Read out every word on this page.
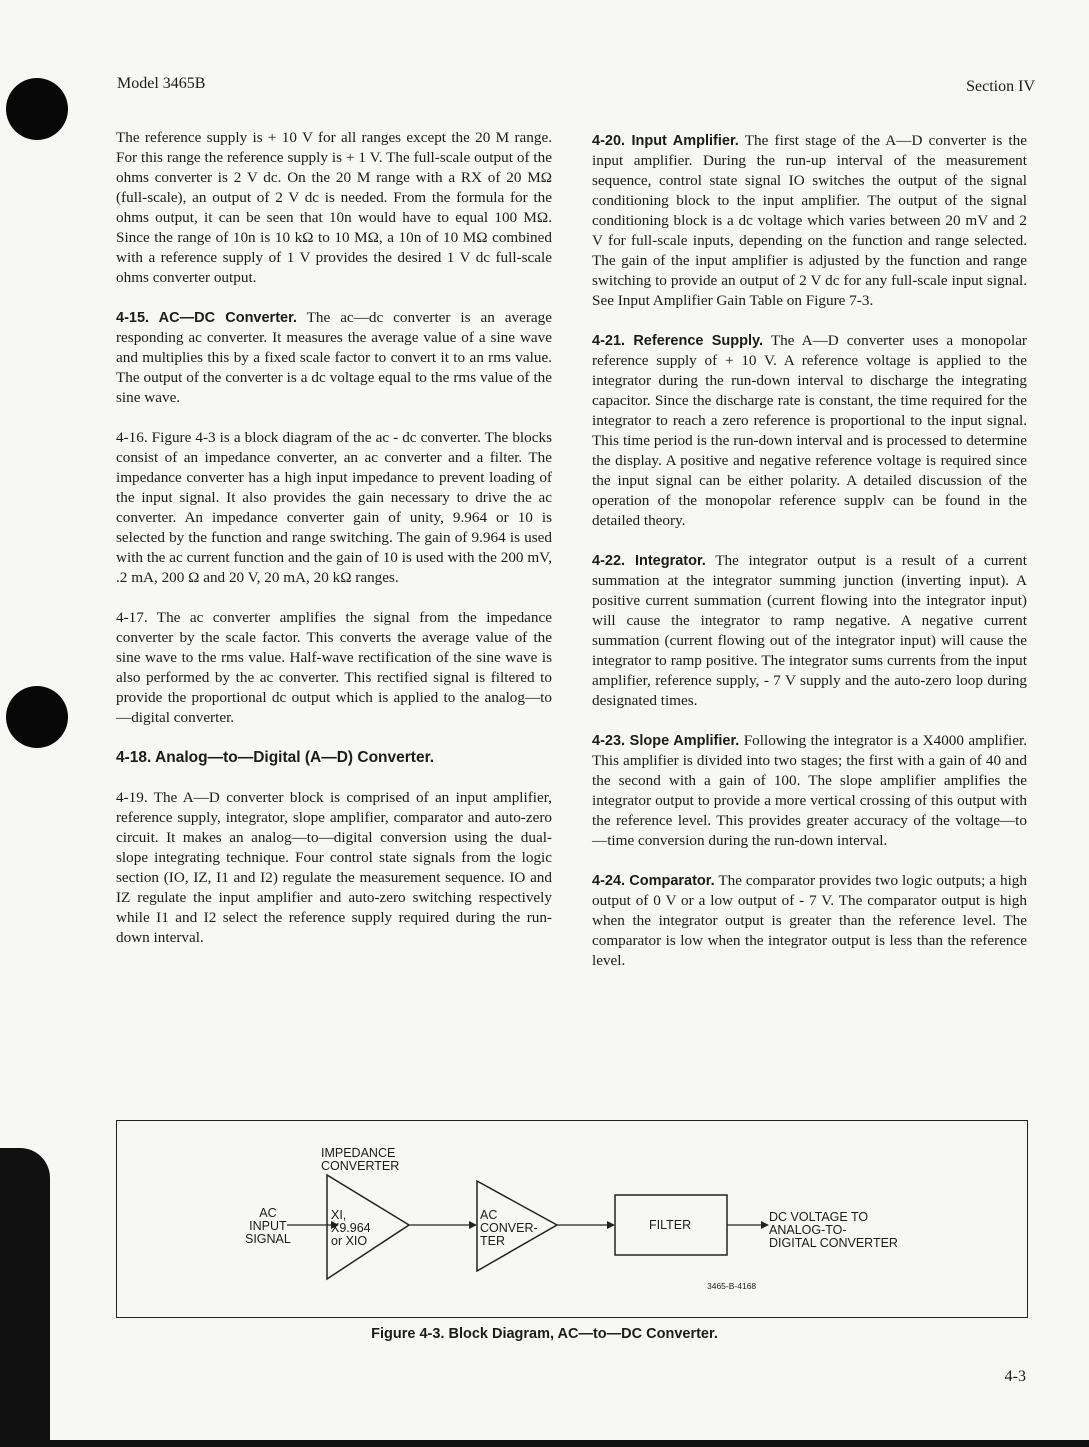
Model 3465B	Section IV

The reference supply is + 10 V for all ranges except the 20 M range. For this range the reference supply is + 1 V. The full-scale output of the ohms converter is 2 V dc. On the 20 M range with a RX of 20 MΩ (full-scale), an output of 2 V dc is needed. From the formula for the ohms output, it can be seen that 10n would have to equal 100 MΩ. Since the range of 10n is 10 kΩ to 10 MΩ, a 10n of 10 MΩ combined with a reference supply of 1 V provides the desired 1 V dc full-scale ohms converter output.

4-15. AC—DC Converter. The ac—dc converter is an average responding ac converter. It measures the average value of a sine wave and multiplies this by a fixed scale factor to convert it to an rms value. The output of the converter is a dc voltage equal to the rms value of the sine wave.

4-16. Figure 4-3 is a block diagram of the ac - dc converter. The blocks consist of an impedance converter, an ac converter and a filter. The impedance converter has a high input impedance to prevent loading of the input signal. It also provides the gain necessary to drive the ac converter. An impedance converter gain of unity, 9.964 or 10 is selected by the function and range switching. The gain of 9.964 is used with the ac current function and the gain of 10 is used with the 200 mV, .2 mA, 200 Ω and 20 V, 20 mA, 20 kΩ ranges.

4-17. The ac converter amplifies the signal from the impedance converter by the scale factor. This converts the average value of the sine wave to the rms value. Half-wave rectification of the sine wave is also performed by the ac converter. This rectified signal is filtered to provide the proportional dc output which is applied to the analog—to—digital converter.

4-18. Analog—to—Digital (A—D) Converter.

4-19. The A—D converter block is comprised of an input amplifier, reference supply, integrator, slope amplifier, comparator and auto-zero circuit. It makes an analog—to—digital conversion using the dual-slope integrating technique. Four control state signals from the logic section (IO, IZ, I1 and I2) regulate the measurement sequence. IO and IZ regulate the input amplifier and auto-zero switching respectively while I1 and I2 select the reference supply required during the run-down interval.

4-20. Input Amplifier. The first stage of the A—D converter is the input amplifier. During the run-up interval of the measurement sequence, control state signal IO switches the output of the signal conditioning block to the input amplifier. The output of the signal conditioning block is a dc voltage which varies between 20 mV and 2 V for full-scale inputs, depending on the function and range selected. The gain of the input amplifier is adjusted by the function and range switching to provide an output of 2 V dc for any full-scale input signal. See Input Amplifier Gain Table on Figure 7-3.

4-21. Reference Supply. The A—D converter uses a monopolar reference supply of + 10 V. A reference voltage is applied to the integrator during the run-down interval to discharge the integrating capacitor. Since the discharge rate is constant, the time required for the integrator to reach a zero reference is proportional to the input signal. This time period is the run-down interval and is processed to determine the display. A positive and negative reference voltage is required since the input signal can be either polarity. A detailed discussion of the operation of the monopolar reference supplv can be found in the detailed theory.

4-22. Integrator. The integrator output is a result of a current summation at the integrator summing junction (inverting input). A positive current summation (current flowing into the integrator input) will cause the integrator to ramp negative. A negative current summation (current flowing out of the integrator input) will cause the integrator to ramp positive. The integrator sums currents from the input amplifier, reference supply, - 7 V supply and the auto-zero loop during designated times.

4-23. Slope Amplifier. Following the integrator is a X4000 amplifier. This amplifier is divided into two stages; the first with a gain of 40 and the second with a gain of 100. The slope amplifier amplifies the integrator output to provide a more vertical crossing of this output with the reference level. This provides greater accuracy of the voltage—to—time conversion during the run-down interval.

4-24. Comparator. The comparator provides two logic outputs; a high output of 0 V or a low output of - 7 V. The comparator output is high when the integrator output is greater than the reference level. The comparator is low when the integrator output is less than the reference level.

AC
INPUT
SIGNAL
IMPEDANCE
CONVERTER
XI,
X9.964
or XIO
AC
CONVER-
TER
FILTER
DC VOLTAGE TO
ANALOG-TO-
DIGITAL CONVERTER
3465-B-4168
Figure 4-3. Block Diagram, AC—to—DC Converter.
4-3
